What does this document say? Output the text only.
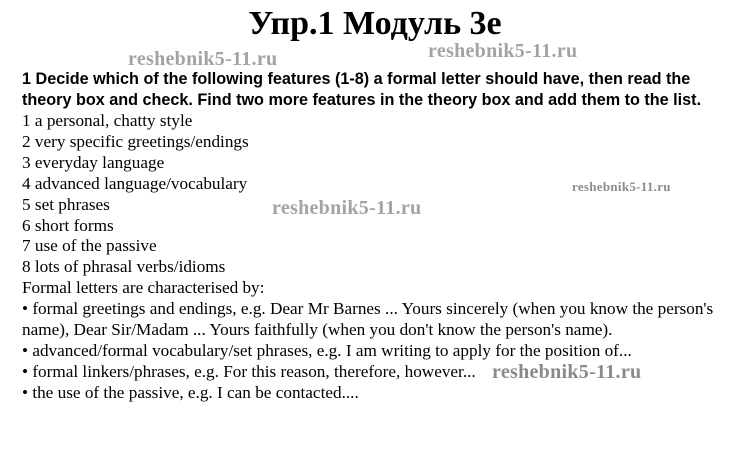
Упр.1 Модуль 3e
1 Decide which of the following features (1-8) a formal letter should have, then read the theory box and check. Find two more features in the theory box and add them to the list.
1 a personal, chatty style
2 very specific greetings/endings
3 everyday language
4 advanced language/vocabulary
5 set phrases
6 short forms
7 use of the passive
8 lots of phrasal verbs/idioms
Formal letters are characterised by:
• formal greetings and endings, e.g. Dear Mr Barnes ... Yours sincerely (when you know the person's name), Dear Sir/Madam ... Yours faithfully (when you don't know the person's name).
• advanced/formal vocabulary/set phrases, e.g. I am writing to apply for the position of...
• formal linkers/phrases, e.g. For this reason, therefore, however...
• the use of the passive, e.g. I can be contacted....
reshebnik5-11.ru	reshebnik5-11.ru
reshebnik5-11.ru
reshebnik5-11.ru
reshebnik5-11.ru
